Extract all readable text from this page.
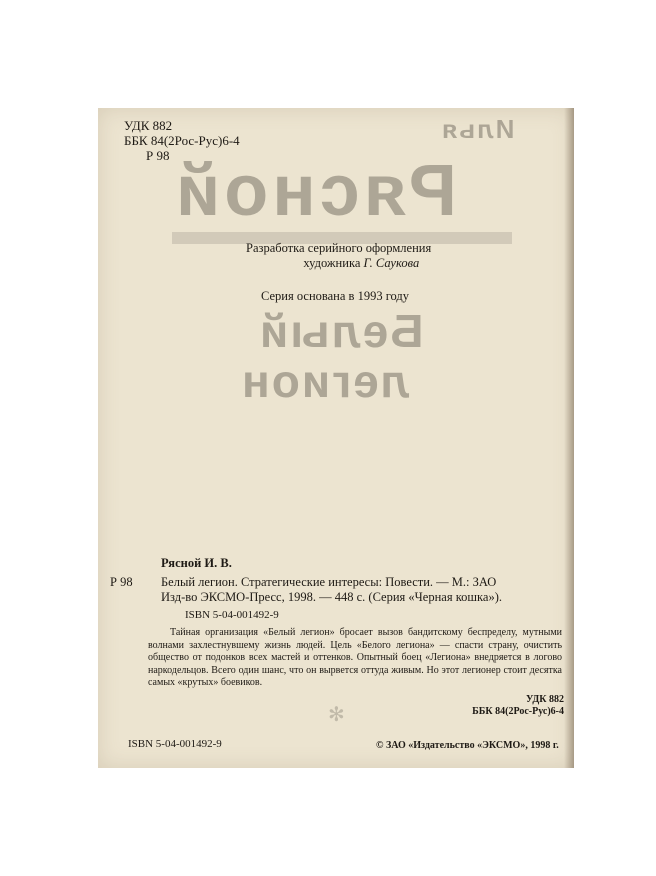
Илья
Рясной
Белый
легион
✻
УДК 882
ББК 84(2Рос-Рус)6-4
Р 98
Разработка серийного оформления
художника Г. Саукова
Серия основана в 1993 году
Рясной И. В.
Р 98 Белый легион. Стратегические интересы: Повести. — М.: ЗАО
Изд-во ЭКСМО-Пресс, 1998. — 448 с. (Серия «Черная кошка»).
ISBN 5-04-001492-9
Тайная организация «Белый легион» бросает вызов бандитскому беспределу, мутными волнами захлестнувшему жизнь людей. Цель «Белого легиона» — спасти страну, очистить общество от подонков всех мастей и оттенков. Опытный боец «Легиона» внедряется в логово наркодельцов. Всего один шанс, что он вырвется оттуда живым. Но этот легионер стоит десятка самых «крутых» боевиков.
УДК 882
ББК 84(2Рос-Рус)6-4
ISBN 5-04-001492-9	© ЗАО «Издательство «ЭКСМО», 1998 г.
